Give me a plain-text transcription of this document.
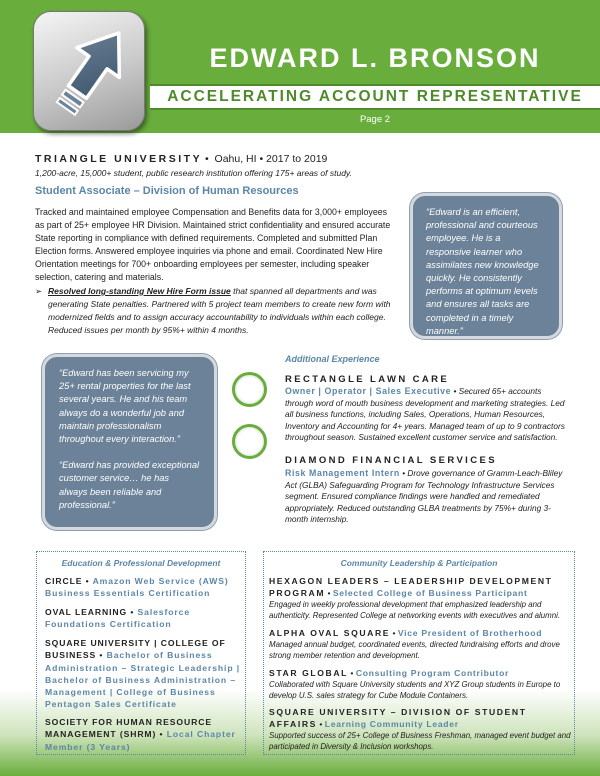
EDWARD L. BRONSON
ACCELERATING ACCOUNT REPRESENTATIVE
Page 2
TRIANGLE UNIVERSITY •  Oahu, HI • 2017 to 2019
1,200-acre, 15,000+ student, public research institution offering 175+ areas of study.
Student Associate – Division of Human Resources
Tracked and maintained employee Compensation and Benefits data for 3,000+ employees as part of 25+ employee HR Division. Maintained strict confidentiality and ensured accurate State reporting in compliance with defined requirements. Completed and submitted Plan Election forms. Answered employee inquiries via phone and email. Coordinated New Hire Orientation meetings for 700+ onboarding employees per semester, including speaker selection, catering and materials.
➢ Resolved long-standing New Hire Form issue that spanned all departments and was generating State penalties. Partnered with 5 project team members to create new form with modernized fields and to assign accuracy accountability to individuals within each college. Reduced issues per month by 95%+ within 4 months.
“Edward is an efficient, professional and courteous employee. He is a responsive learner who assimilates new knowledge quickly. He consistently performs at optimum levels and ensures all tasks are completed in a timely manner.”

“Edward has been servicing my 25+ rental properties for the last several years. He and his team always do a wonderful job and maintain professionalism throughout every interaction.”

“Edward has provided exceptional customer service… he has always been reliable and professional.”

Additional Experience
RECTANGLE LAWN CARE
Owner | Operator | Sales Executive • Secured 65+ accounts through word of mouth business development and marketing strategies. Led all business functions, including Sales, Operations, Human Resources, Inventory and Accounting for 4+ years. Managed team of up to 9 contractors throughout season. Sustained excellent customer service and satisfaction.
DIAMOND FINANCIAL SERVICES
Risk Management Intern • Drove governance of Gramm-Leach-Bliley Act (GLBA) Safeguarding Program for Technology Infrastructure Services segment. Ensured compliance findings were handled and remediated appropriately. Reduced outstanding GLBA treatments by 75%+ during 3-month internship.
Education & Professional Development	Community Leadership & Participation
CIRCLE • Amazon Web Service (AWS) Business Essentials Certification
OVAL LEARNING • Salesforce Foundations Certification
SQUARE UNIVERSITY | COLLEGE OF BUSINESS • Bachelor of Business Administration – Strategic Leadership | Bachelor of Business Administration – Management | College of Business Pentagon Sales Certificate
SOCIETY FOR HUMAN RESOURCE MANAGEMENT (SHRM) • Local Chapter Member (3 Years)
HEXAGON LEADERS – LEADERSHIP DEVELOPMENT PROGRAM • Selected College of Business Participant
Engaged in weekly professional development that emphasized leadership and authenticity. Represented College at networking events with executives and alumni.
ALPHA OVAL SQUARE • Vice President of Brotherhood
Managed annual budget, coordinated events, directed fundraising efforts and drove strong member retention and development.
STAR GLOBAL • Consulting Program Contributor
Collaborated with Square University students and XYZ Group students in Europe to develop U.S. sales strategy for Cube Module Containers.
SQUARE UNIVERSITY – DIVISION OF STUDENT AFFAIRS • Learning Community Leader
Supported success of 25+ College of Business Freshman, managed event budget and participated in Diversity & Inclusion workshops.
